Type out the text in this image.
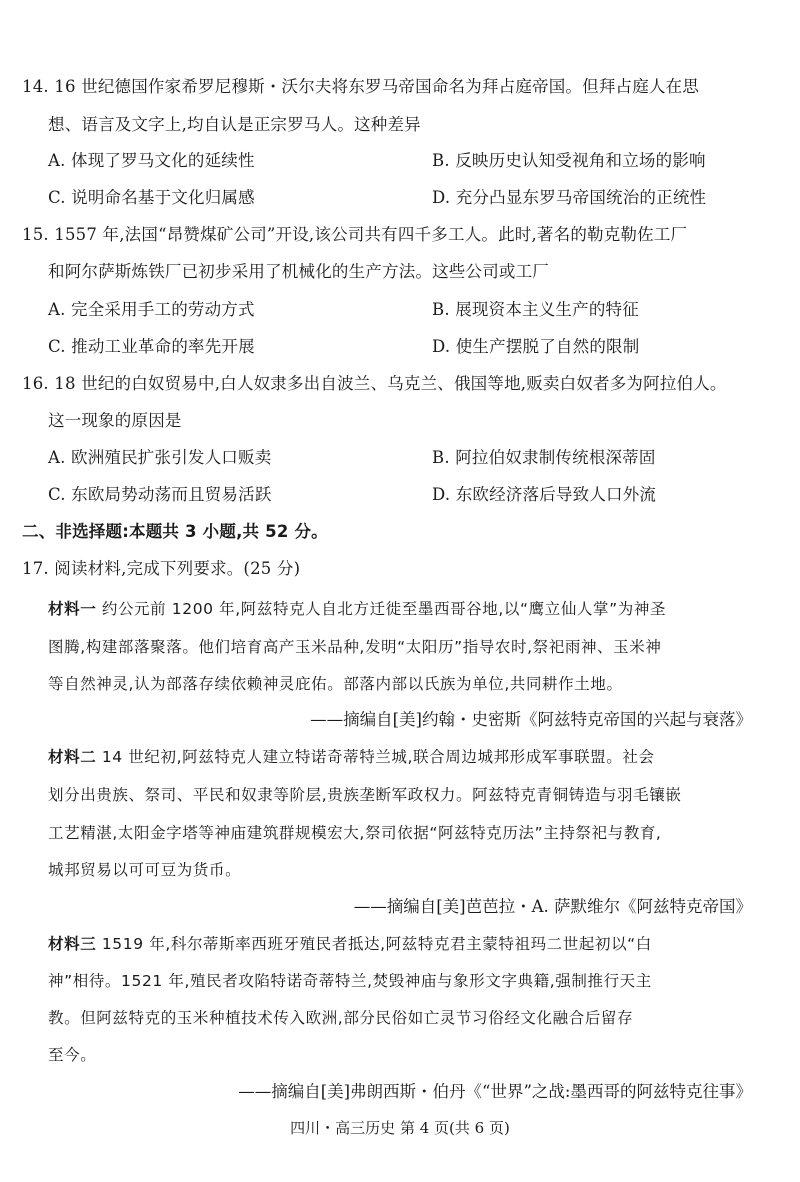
14. 16 世纪德国作家希罗尼穆斯・沃尔夫将东罗马帝国命名为拜占庭帝国。但拜占庭人在思
想、语言及文字上,均自认是正宗罗马人。这种差异
A. 体现了罗马文化的延续性	B. 反映历史认知受视角和立场的影响
C. 说明命名基于文化归属感	D. 充分凸显东罗马帝国统治的正统性
15. 1557 年,法国“昂赞煤矿公司”开设,该公司共有四千多工人。此时,著名的勒克勒佐工厂
和阿尔萨斯炼铁厂已初步采用了机械化的生产方法。这些公司或工厂
A. 完全采用手工的劳动方式	B. 展现资本主义生产的特征
C. 推动工业革命的率先开展	D. 使生产摆脱了自然的限制
16. 18 世纪的白奴贸易中,白人奴隶多出自波兰、乌克兰、俄国等地,贩卖白奴者多为阿拉伯人。
这一现象的原因是
A. 欧洲殖民扩张引发人口贩卖	B. 阿拉伯奴隶制传统根深蒂固
C. 东欧局势动荡而且贸易活跃	D. 东欧经济落后导致人口外流
二、非选择题:本题共 3 小题,共 52 分。
17. 阅读材料,完成下列要求。(25 分)
材料一 约公元前 1200 年,阿兹特克人自北方迁徙至墨西哥谷地,以“鹰立仙人掌”为神圣
图腾,构建部落聚落。他们培育高产玉米品种,发明“太阳历”指导农时,祭祀雨神、玉米神
等自然神灵,认为部落存续依赖神灵庇佑。部落内部以氏族为单位,共同耕作土地。
——摘编自[美]约翰・史密斯《阿兹特克帝国的兴起与衰落》
材料二 14 世纪初,阿兹特克人建立特诺奇蒂特兰城,联合周边城邦形成军事联盟。社会
划分出贵族、祭司、平民和奴隶等阶层,贵族垄断军政权力。阿兹特克青铜铸造与羽毛镶嵌
工艺精湛,太阳金字塔等神庙建筑群规模宏大,祭司依据“阿兹特克历法”主持祭祀与教育,
城邦贸易以可可豆为货币。
——摘编自[美]芭芭拉・A. 萨默维尔《阿兹特克帝国》
材料三 1519 年,科尔蒂斯率西班牙殖民者抵达,阿兹特克君主蒙特祖玛二世起初以“白
神”相待。1521 年,殖民者攻陷特诺奇蒂特兰,焚毁神庙与象形文字典籍,强制推行天主
教。但阿兹特克的玉米种植技术传入欧洲,部分民俗如亡灵节习俗经文化融合后留存
至今。
——摘编自[美]弗朗西斯・伯丹《“世界”之战:墨西哥的阿兹特克往事》
四川・高三历史 第 4 页(共 6 页)
